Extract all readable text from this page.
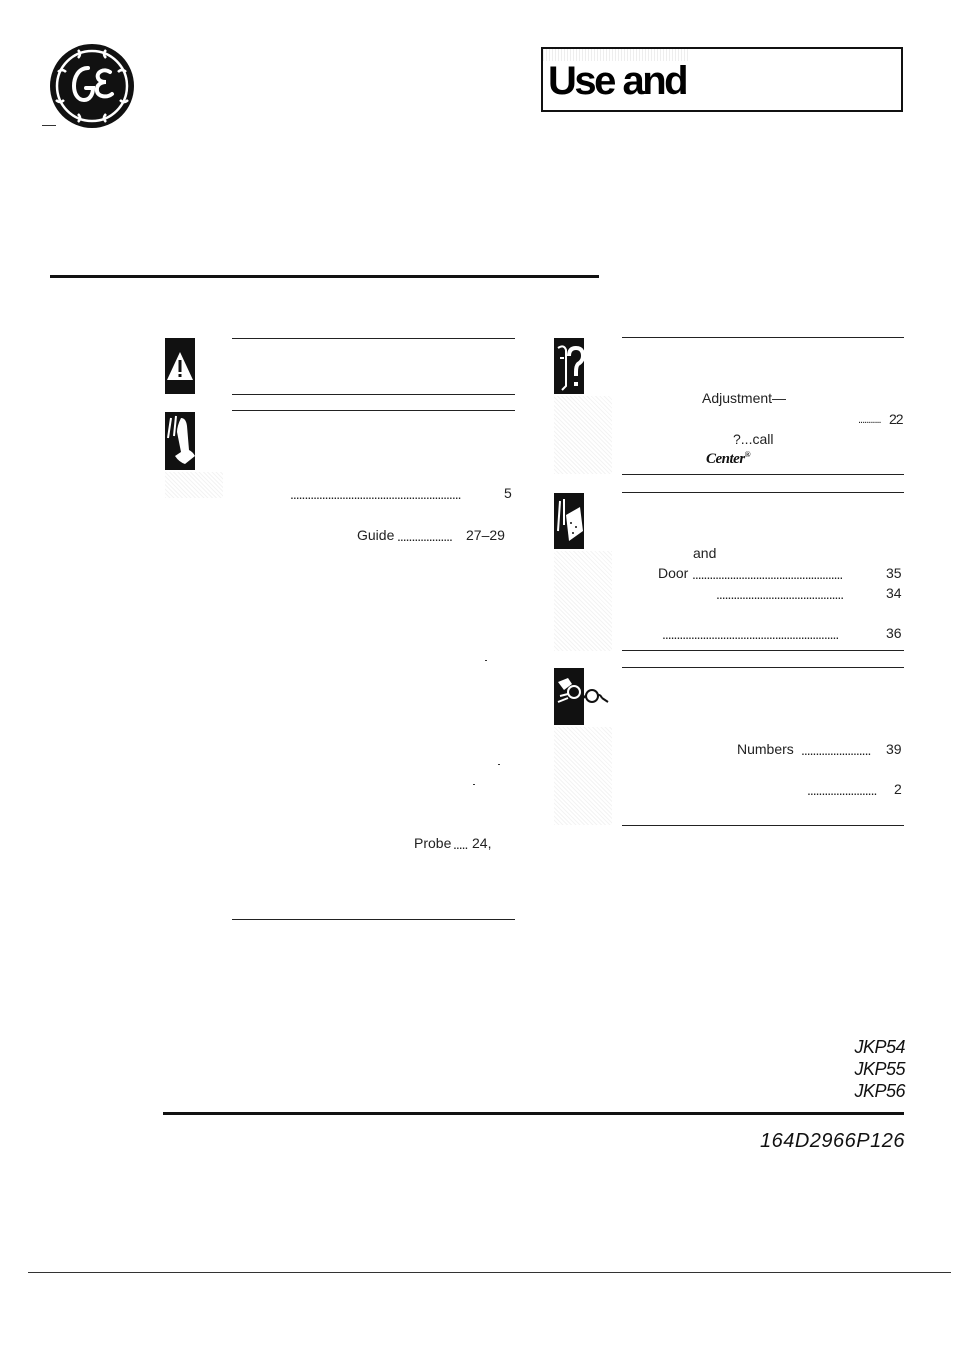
Use and
...........................................................	5
Guide ................... 27–29
Probe ..... 24,
Adjustment—
........... 22
?...call
Center®
and
Door ....................................................	35
............................................	34
.............................................................	36
Numbers ........................ 39
........................ 2
JKP54
JKP55
JKP56
164D2966P126
